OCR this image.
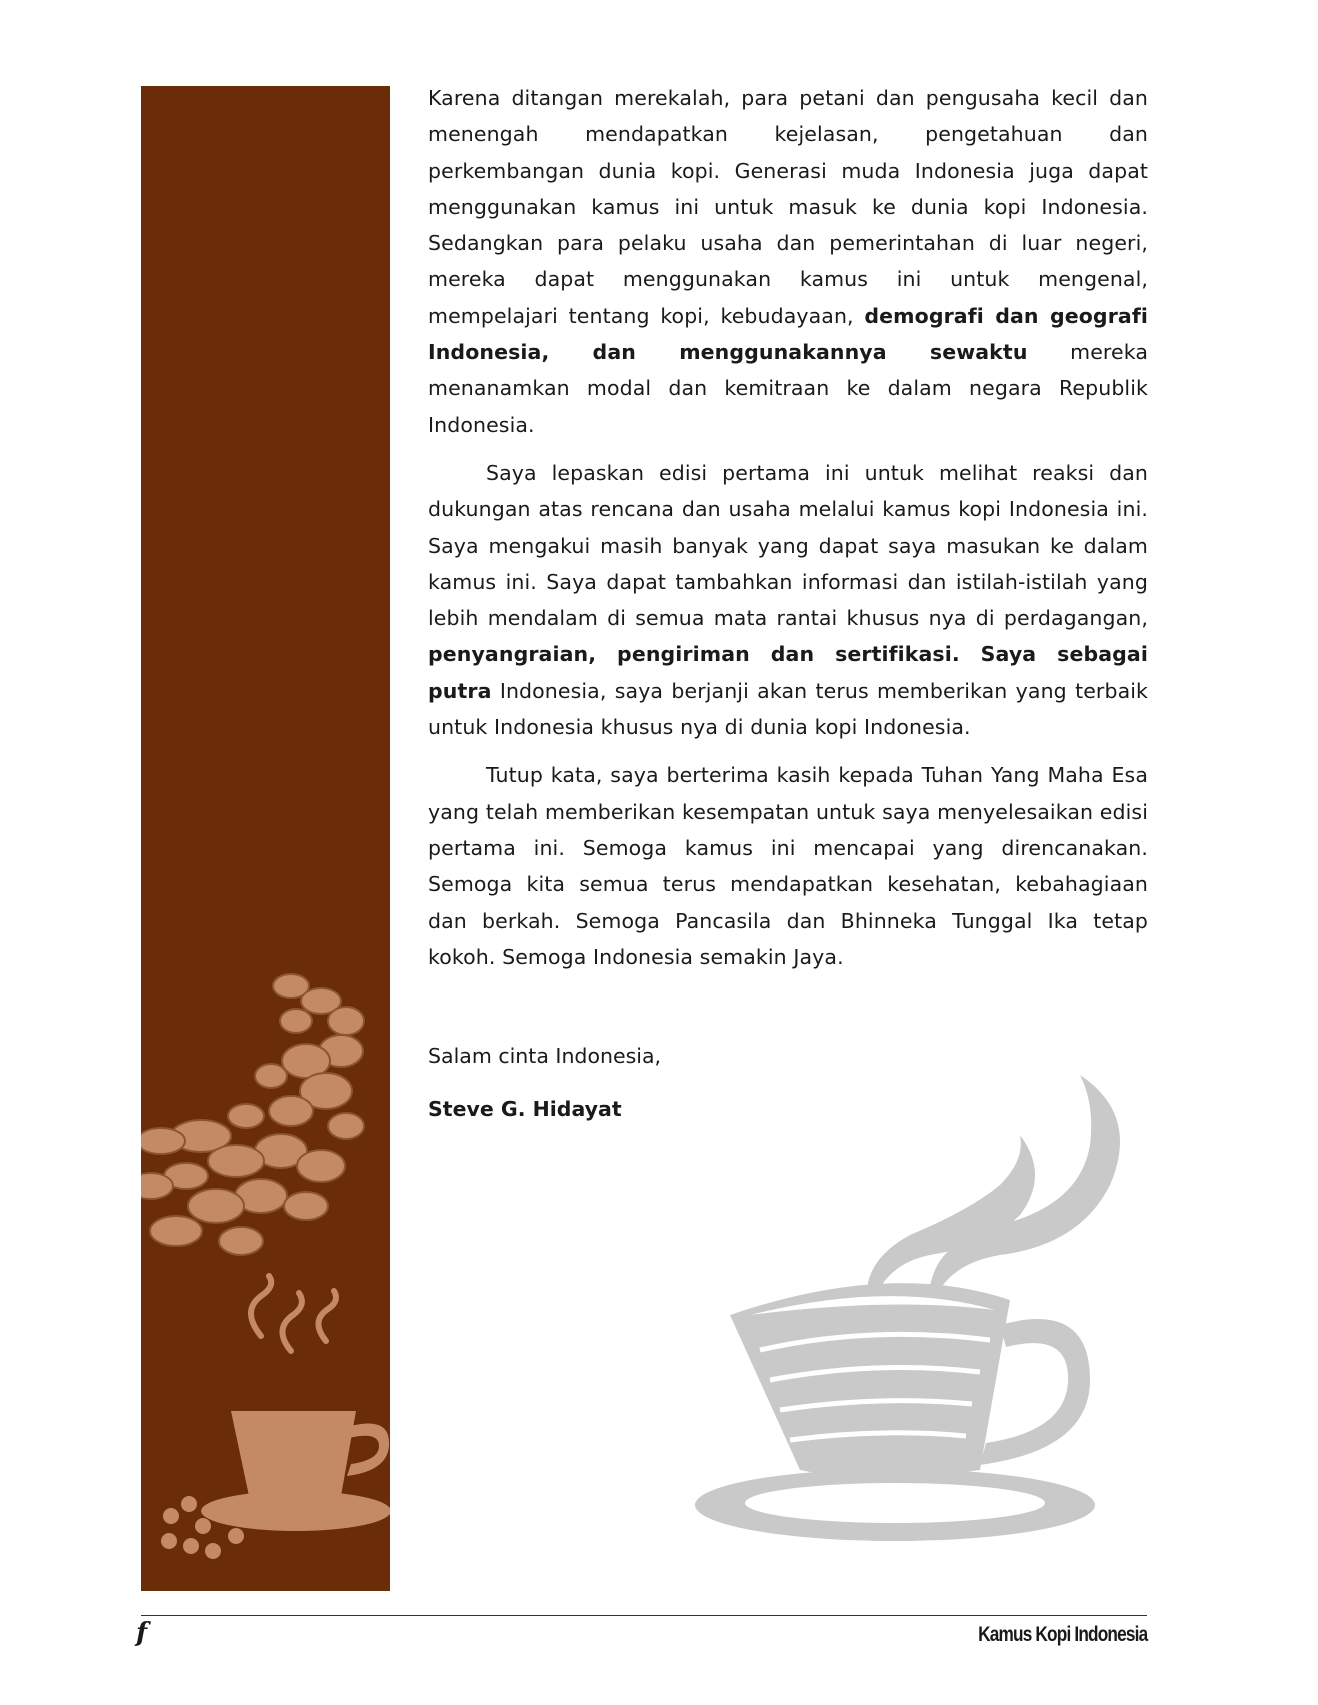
Karena ditangan merekalah, para petani dan pengusaha kecil dan menengah mendapatkan kejelasan, pengetahuan dan perkembangan dunia kopi. Generasi muda Indonesia juga dapat menggunakan kamus ini untuk masuk ke dunia kopi Indonesia. Sedangkan para pelaku usaha dan pemerintahan di luar negeri, mereka dapat menggunakan kamus ini untuk mengenal, mempelajari tentang kopi, kebudayaan, demografi dan geografi Indonesia, dan menggunakannya sewaktu mereka menanamkan modal dan kemitraan ke dalam negara Republik Indonesia.

Saya lepaskan edisi pertama ini untuk melihat reaksi dan dukungan atas rencana dan usaha melalui kamus kopi Indonesia ini. Saya mengakui masih banyak yang dapat saya masukan ke dalam kamus ini. Saya dapat tambahkan informasi dan istilah-istilah yang lebih mendalam di semua mata rantai khusus nya di perdagangan, penyangraian, pengiriman dan sertifikasi. Saya sebagai putra Indonesia, saya berjanji akan terus memberikan yang terbaik untuk Indonesia khusus nya di dunia kopi Indonesia.

Tutup kata, saya berterima kasih kepada Tuhan Yang Maha Esa yang telah memberikan kesempatan untuk saya menyelesaikan edisi pertama ini. Semoga kamus ini mencapai yang direncanakan. Semoga kita semua terus mendapatkan kesehatan, kebahagiaan dan berkah. Semoga Pancasila dan Bhinneka Tunggal Ika tetap kokoh. Semoga Indonesia semakin Jaya.

Salam cinta Indonesia,

Steve G. Hidayat

f	Kamus Kopi Indonesia
